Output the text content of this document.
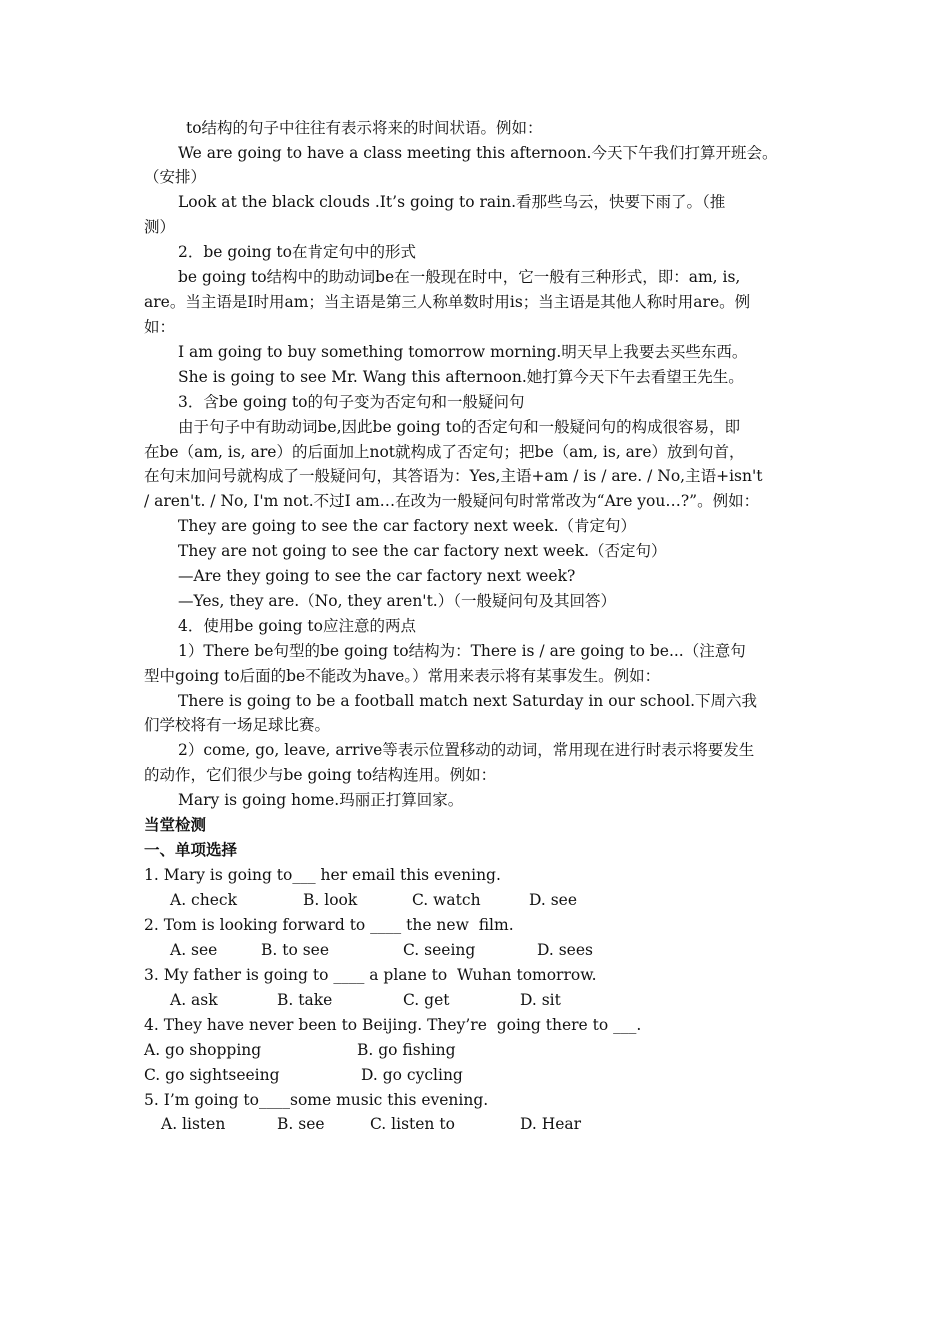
to结构的句子中往往有表示将来的时间状语。例如：
We are going to have a class meeting this afternoon.今天下午我们打算开班会。
（安排）
Look at the black clouds .It’s going to rain.看那些乌云，快要下雨了。（推
测）
2．be going to在肯定句中的形式
be going to结构中的助动词be在一般现在时中，它一般有三种形式，即：am, is,
are。当主语是I时用am；当主语是第三人称单数时用is；当主语是其他人称时用are。例
如：
I am going to buy something tomorrow morning.明天早上我要去买些东西。
She is going to see Mr. Wang this afternoon.她打算今天下午去看望王先生。
3．含be going to的句子变为否定句和一般疑问句
由于句子中有助动词be,因此be going to的否定句和一般疑问句的构成很容易，即
在be（am, is, are）的后面加上not就构成了否定句；把be（am, is, are）放到句首，
在句末加问号就构成了一般疑问句，其答语为：Yes,主语+am / is / are. / No,主语+isn't
/ aren't. / No, I'm not.不过I am…在改为一般疑问句时常常改为“Are you…?”。例如：
They are going to see the car factory next week.（肯定句）
They are not going to see the car factory next week.（否定句）
—Are they going to see the car factory next week?
—Yes, they are.（No, they aren't.）（一般疑问句及其回答）
4．使用be going to应注意的两点
1）There be句型的be going to结构为：There is / are going to be...（注意句
型中going to后面的be不能改为have。）常用来表示将有某事发生。例如：
There is going to be a football match next Saturday in our school.下周六我
们学校将有一场足球比赛。
2）come, go, leave, arrive等表示位置移动的动词，常用现在进行时表示将要发生
的动作，它们很少与be going to结构连用。例如：
Mary is going home.玛丽正打算回家。
当堂检测
一、单项选择
1. Mary is going to___ her email this evening.
A. check	B. look	C. watch	D. see
2. Tom is looking forward to ____ the new  film.
A. see	B. to see	C. seeing	D. sees
3. My father is going to ____ a plane to  Wuhan tomorrow.
A. ask	B. take	C. get	D. sit
4. They have never been to Beijing. They’re  going there to ___.
A. go shopping	B. go fishing
C. go sightseeing	D. go cycling
5. I’m going to____some music this evening.
A. listen	B. see	C. listen to	D. Hear
